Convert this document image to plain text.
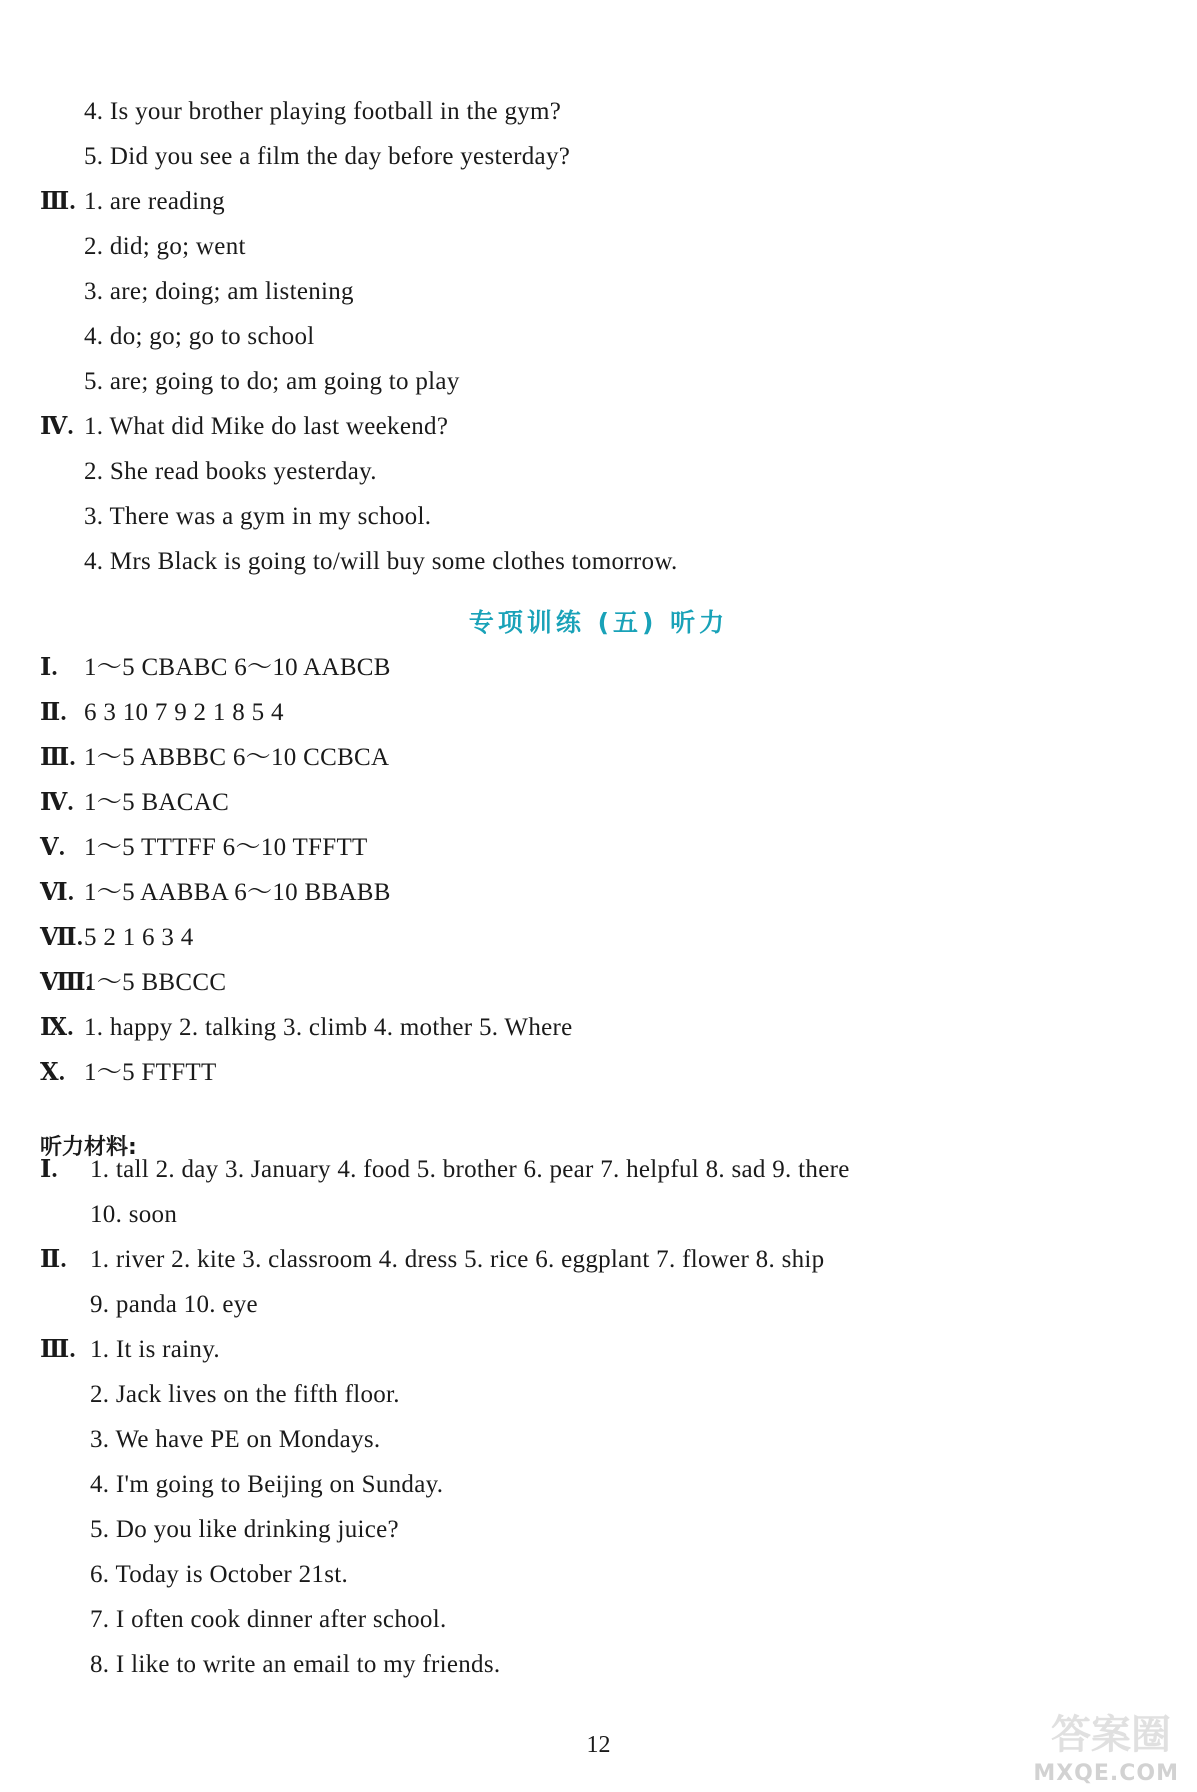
4. Is your brother playing football in the gym?
5. Did you see a film the day before yesterday?
Ⅲ. 1. are reading
2. did; go; went
3. are; doing; am listening
4. do; go; go to school
5. are; going to do; am going to play
Ⅳ. 1. What did Mike do last weekend?
2. She read books yesterday.
3. There was a gym in my school.
4. Mrs Black is going to/will buy some clothes tomorrow.
专项训练 (五) 听力
Ⅰ.	1～5 CBABC 6～10 AABCB
Ⅱ. 6 3 10 7 9 2 1 8 5 4
Ⅲ. 1～5 ABBBC 6～10 CCBCA
Ⅳ. 1～5 BACAC
Ⅴ. 1～5 TTTFF 6～10 TFFTT
Ⅵ. 1～5 AABBA 6～10 BBABB
Ⅶ. 5 2 1 6 3 4
Ⅷ.
1～5 BBCCC
Ⅸ. 1. happy 2. talking 3. climb 4. mother 5. Where
Ⅹ. 1～5 FTFTT
听力材料:
Ⅰ.	1. tall 2. day 3. January 4. food 5. brother 6. pear 7. helpful 8. sad 9. there
10. soon
Ⅱ. 1. river 2. kite 3. classroom 4. dress 5. rice 6. eggplant 7. flower 8. ship
9. panda 10. eye
Ⅲ. 1. It is rainy.
2. Jack lives on the fifth floor.
3. We have PE on Mondays.
4. I'm going to Beijing on Sunday.
5. Do you like drinking juice?
6. Today is October 21st.
7. I often cook dinner after school.
8. I like to write an email to my friends.
12	答案圈
MXQE.COM
